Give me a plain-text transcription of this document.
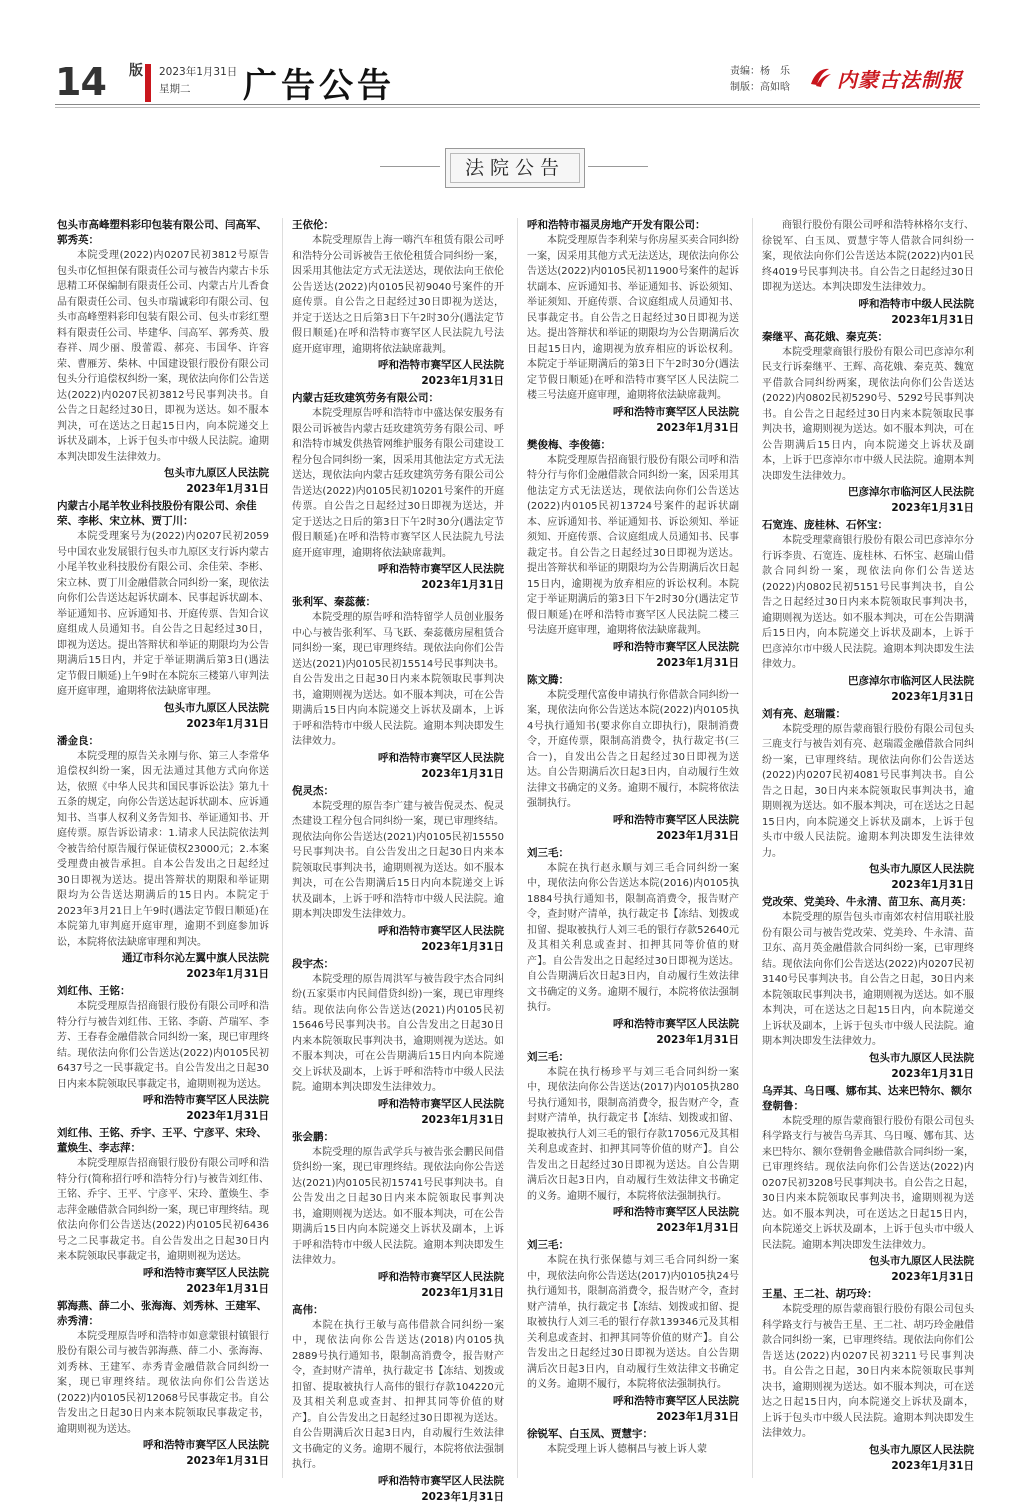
14 版 2023年1月31日
星期二	广告公告	责编：杨　乐
制版：高如晗 内蒙古法制报
法院公告
包头市高峰塑料彩印包装有限公司、闫高军、郭秀英：
本院受理(2022)内0207民初3812号原告包头市亿恒担保有限责任公司与被告内蒙古卡乐思精工环保编制有限责任公司、内蒙古片儿香食品有限责任公司、包头市瑞诚彩印有限公司、包头市高峰塑料彩印包装有限公司、包头市彩红塑料有限责任公司、毕建华、闫高军、郭秀英、殷春祥、周少丽、殷蕾霞、郝亮、韦国华、许容荣、曹雁芳、柴林、中国建设银行股份有限公司包头分行追偿权纠纷一案，现依法向你们公告送达(2022)内0207民初3812号民事判决书。自公告之日起经过30日，即视为送达。如不服本判决，可在送达之日起15日内，向本院递交上诉状及副本，上诉于包头市中级人民法院。逾期本判决即发生法律效力。
包头市九原区人民法院
2023年1月31日
内蒙古小尾羊牧业科技股份有限公司、余佳荣、李彬、宋立林、贾丁川：
本院受理案号为(2022)内0207民初2059号中国农业发展银行包头市九原区支行诉内蒙古小尾羊牧业科技股份有限公司、余佳荣、李彬、宋立林、贾丁川金融借款合同纠纷一案，现依法向你们公告送达起诉状副本、民事起诉状副本、举证通知书、应诉通知书、开庭传票、告知合议庭组成人员通知书。自公告之日起经过30日，即视为送达。提出答辩状和举证的期限均为公告期满后15日内，并定于举证期满后第3日(遇法定节假日顺延)上午9时在本院东三楼第八审判法庭开庭审理，逾期将依法缺席审理。
包头市九原区人民法院
2023年1月31日
潘金良：
本院受理的原告关永刚与你、第三人李常华追偿权纠纷一案，因无法通过其他方式向你送达，依照《中华人民共和国民事诉讼法》第九十五条的规定，向你公告送达起诉状副本、应诉通知书、当事人权利义务告知书、举证通知书、开庭传票。原告诉讼请求：1.请求人民法院依法判令被告给付原告履行保证债权23000元；2.本案受理费由被告承担。自本公告发出之日起经过30日即视为送达。提出答辩状的期限和举证期限均为公告送达期满后的15日内。本院定于2023年3月21日上午9时(遇法定节假日顺延)在本院第九审判庭开庭审理，逾期不到庭参加诉讼，本院将依法缺席审理和判决。
通辽市科尔沁左翼中旗人民法院
2023年1月31日
刘红伟、王铭：
本院受理原告招商银行股份有限公司呼和浩特分行与被告刘红伟、王铭、李蔚、芦瑞军、李芳、王春春金融借款合同纠纷一案，现已审理终结。现依法向你们公告送达(2022)内0105民初6437号之一民事裁定书。自公告发出之日起30日内来本院领取民事裁定书，逾期则视为送达。
呼和浩特市赛罕区人民法院
2023年1月31日
刘红伟、王铭、乔宇、王平、宁彦平、宋玲、董焕生、李志萍：
本院受理原告招商银行股份有限公司呼和浩特分行(简称招行呼和浩特分行)与被告刘红伟、王铭、乔宇、王平、宁彦平、宋玲、董焕生、李志萍金融借款合同纠纷一案，现已审理终结。现依法向你们公告送达(2022)内0105民初6436号之二民事裁定书。自公告发出之日起30日内来本院领取民事裁定书，逾期则视为送达。
呼和浩特市赛罕区人民法院
2023年1月31日
郭海燕、薛二小、张海海、刘秀林、王建军、赤秀清：
本院受理原告呼和浩特市如意蒙银村镇银行股份有限公司与被告郭海燕、薛二小、张海海、刘秀林、王建军、赤秀青金融借款合同纠纷一案，现已审理终结。现依法向你们公告送达(2022)内0105民初12068号民事裁定书。自公告发出之日起30日内来本院领取民事裁定书，逾期则视为送达。
呼和浩特市赛罕区人民法院
2023年1月31日
王依伦：
本院受理原告上海一嗨汽车租赁有限公司呼和浩特分公司诉被告王依伦租赁合同纠纷一案，因采用其他法定方式无法送达，现依法向王依伦公告送达(2022)内0105民初9040号案件的开庭传票。自公告之日起经过30日即视为送达，并定于送达之日后第3日下午2时30分(遇法定节假日顺延)在呼和浩特市赛罕区人民法院九号法庭开庭审理，逾期将依法缺席裁判。
呼和浩特市赛罕区人民法院
2023年1月31日
内蒙古廷玫建筑劳务有限公司：
本院受理原告呼和浩特市中盛达保安服务有限公司诉被告内蒙古廷玫建筑劳务有限公司、呼和浩特市城发供热管网维护服务有限公司建设工程分包合同纠纷一案，因采用其他法定方式无法送达，现依法向内蒙古廷玫建筑劳务有限公司公告送达(2022)内0105民初10201号案件的开庭传票。自公告之日起经过30日即视为送达，并定于送达之日后的第3日下午2时30分(遇法定节假日顺延)在呼和浩特市赛罕区人民法院九号法庭开庭审理，逾期将依法缺席裁判。
呼和浩特市赛罕区人民法院
2023年1月31日
张利军、秦蕊薇：
本院受理的原告呼和浩特留学人员创业服务中心与被告张利军、马飞跃、秦蕊薇房屋租赁合同纠纷一案，现已审理终结。现依法向你们公告送达(2021)内0105民初15514号民事判决书。自公告发出之日起30日内来本院领取民事判决书，逾期则视为送达。如不服本判决，可在公告期满后15日内向本院递交上诉状及副本，上诉于呼和浩特市中级人民法院。逾期本判决即发生法律效力。
呼和浩特市赛罕区人民法院
2023年1月31日
倪灵杰：
本院受理的原告李广建与被告倪灵杰、倪灵杰建设工程分包合同纠纷一案，现已审理终结。现依法向你公告送达(2021)内0105民初15550号民事判决书。自公告发出之日起30日内来本院领取民事判决书，逾期则视为送达。如不服本判决，可在公告期满后15日内向本院递交上诉状及副本，上诉于呼和浩特市中级人民法院。逾期本判决即发生法律效力。
呼和浩特市赛罕区人民法院
2023年1月31日
段宇杰：
本院受理的原告周洪军与被告段宇杰合同纠纷(五家渠市内民间借贷纠纷)一案，现已审理终结。现依法向你公告送达(2021)内0105民初15646号民事判决书。自公告发出之日起30日内来本院领取民事判决书，逾期则视为送达。如不服本判决，可在公告期满后15日内向本院递交上诉状及副本，上诉于呼和浩特市中级人民法院。逾期本判决即发生法律效力。
呼和浩特市赛罕区人民法院
2023年1月31日
张会鹏：
本院受理的原告武学兵与被告张会鹏民间借贷纠纷一案，现已审理终结。现依法向你公告送达(2021)内0105民初15741号民事判决书。自公告发出之日起30日内来本院领取民事判决书，逾期则视为送达。如不服本判决，可在公告期满后15日内向本院递交上诉状及副本，上诉于呼和浩特市中级人民法院。逾期本判决即发生法律效力。
呼和浩特市赛罕区人民法院
2023年1月31日
高伟：
本院在执行王敏与高伟借款合同纠纷一案中，现依法向你公告送达(2018)内0105执2889号执行通知书，限制高消费令，报告财产令，查封财产清单，执行裁定书【冻结、划拨或扣留、提取被执行人高伟的银行存款104220元及其相关利息或查封、扣押其同等价值的财产】。自公告发出之日起经过30日即视为送达。自公告期满后次日起3日内，自动履行生效法律文书确定的义务。逾期不履行，本院将依法强制执行。
呼和浩特市赛罕区人民法院
2023年1月31日
呼和浩特市福灵房地产开发有限公司：
本院受理原告李利荣与你房屋买卖合同纠纷一案，因采用其他方式无法送达，现依法向你公告送达(2022)内0105民初11900号案件的起诉状副本、应诉通知书、举证通知书、诉讼须知、举证须知、开庭传票、合议庭组成人员通知书、民事裁定书。自公告之日起经过30日即视为送达。提出答辩状和举证的期限均为公告期满后次日起15日内，逾期视为放弃相应的诉讼权利。本院定于举证期满后的第3日下午2时30分(遇法定节假日顺延)在呼和浩特市赛罕区人民法院二楼三号法庭开庭审理，逾期将依法缺席裁判。
呼和浩特市赛罕区人民法院
2023年1月31日
樊俊梅、李俊德：
本院受理原告招商银行股份有限公司呼和浩特分行与你们金融借款合同纠纷一案，因采用其他法定方式无法送达，现依法向你们公告送达(2022)内0105民初13724号案件的起诉状副本、应诉通知书、举证通知书、诉讼须知、举证须知、开庭传票、合议庭组成人员通知书、民事裁定书。自公告之日起经过30日即视为送达。提出答辩状和举证的期限均为公告期满后次日起15日内，逾期视为放弃相应的诉讼权利。本院定于举证期满后的第3日下午2时30分(遇法定节假日顺延)在呼和浩特市赛罕区人民法院二楼三号法庭开庭审理，逾期将依法缺席裁判。
呼和浩特市赛罕区人民法院
2023年1月31日
陈文腾：
本院受理代富俊申请执行你借款合同纠纷一案，现依法向你公告送达本院(2022)内0105执4号执行通知书(要求你自立即执行)，限制消费令，开庭传票，限制高消费令，执行裁定书(三合一)，自发出公告之日起经过30日即视为送达。自公告期满后次日起3日内，自动履行生效法律文书确定的义务。逾期不履行，本院将依法强制执行。
呼和浩特市赛罕区人民法院
2023年1月31日
刘三毛：
本院在执行赵永顺与刘三毛合同纠纷一案中，现依法向你公告送达本院(2016)内0105执1884号执行通知书，限制高消费令，报告财产令，查封财产清单，执行裁定书【冻结、划拨或扣留、提取被执行人刘三毛的银行存款52640元及其相关利息或查封、扣押其同等价值的财产】。自公告发出之日起经过30日即视为送达。自公告期满后次日起3日内，自动履行生效法律文书确定的义务。逾期不履行，本院将依法强制执行。
呼和浩特市赛罕区人民法院
2023年1月31日
刘三毛：
本院在执行杨珍平与刘三毛合同纠纷一案中，现依法向你公告送达(2017)内0105执280号执行通知书，限制高消费令，报告财产令，查封财产清单，执行裁定书【冻结、划拨或扣留、提取被执行人刘三毛的银行存款17056元及其相关利息或查封、扣押其同等价值的财产】。自公告发出之日起经过30日即视为送达。自公告期满后次日起3日内，自动履行生效法律文书确定的义务。逾期不履行，本院将依法强制执行。
呼和浩特市赛罕区人民法院
2023年1月31日
刘三毛：
本院在执行张保德与刘三毛合同纠纷一案中，现依法向你公告送达(2017)内0105执24号执行通知书，限制高消费令，报告财产令，查封财产清单，执行裁定书【冻结、划拨或扣留、提取被执行人刘三毛的银行存款139346元及其相关利息或查封、扣押其同等价值的财产】。自公告发出之日起经过30日即视为送达。自公告期满后次日起3日内，自动履行生效法律文书确定的义务。逾期不履行，本院将依法强制执行。
呼和浩特市赛罕区人民法院
2023年1月31日
徐锐军、白玉凤、贾慧宇：
本院受理上诉人德桐昌与被上诉人蒙
商银行股份有限公司呼和浩特林格尔支行、徐锐军、白玉凤、贾慧宇等人借款合同纠纷一案，现依法向你们公告送达本院(2022)内01民终4019号民事判决书。自公告之日起经过30日即视为送达。本判决即发生法律效力。
呼和浩特市中级人民法院
2023年1月31日
秦继平、高花娥、秦克英：
本院受理蒙商银行股份有限公司巴彦淖尔利民支行诉秦继平、王辉、高花娥、秦克英、魏宽平借款合同纠纷两案，现依法向你们公告送达(2022)内0802民初5290号、5292号民事判决书。自公告之日起经过30日内来本院领取民事判决书，逾期则视为送达。如不服本判决，可在公告期满后15日内，向本院递交上诉状及副本，上诉于巴彦淖尔市中级人民法院。逾期本判决即发生法律效力。
巴彦淖尔市临河区人民法院
2023年1月31日
石宽连、庞桂林、石怀宝：
本院受理蒙商银行股份有限公司巴彦淖尔分行诉李贵、石宽连、庞桂林、石怀宝、赵瑞山借款合同纠纷一案，现依法向你们公告送达(2022)内0802民初5151号民事判决书，自公告之日起经过30日内来本院领取民事判决书，逾期则视为送达。如不服本判决，可在公告期满后15日内，向本院递交上诉状及副本，上诉于巴彦淖尔市中级人民法院。逾期本判决即发生法律效力。
巴彦淖尔市临河区人民法院
2023年1月31日
刘有亮、赵瑞霞：
本院受理的原告蒙商银行股份有限公司包头三鹿支行与被告刘有亮、赵瑞霞金融借款合同纠纷一案，已审理终结。现依法向你们公告送达(2022)内0207民初4081号民事判决书。自公告之日起，30日内来本院领取民事判决书，逾期则视为送达。如不服本判决，可在送达之日起15日内，向本院递交上诉状及副本，上诉于包头市中级人民法院。逾期本判决即发生法律效力。
包头市九原区人民法院
2023年1月31日
党改荣、党美玲、牛永清、苗卫东、高月英：
本院受理的原告包头市南郊农村信用联社股份有限公司与被告党改荣、党美玲、牛永清、苗卫东、高月英金融借款合同纠纷一案，已审理终结。现依法向你们公告送达(2022)内0207民初3140号民事判决书。自公告之日起，30日内来本院领取民事判决书，逾期则视为送达。如不服本判决，可在送达之日起15日内，向本院递交上诉状及副本，上诉于包头市中级人民法院。逾期本判决即发生法律效力。
包头市九原区人民法院
2023年1月31日
乌弄其、乌日嘎、娜布其、达来巴特尔、额尔登朝鲁：
本院受理的原告蒙商银行股份有限公司包头科学路支行与被告乌弄其、乌日嘎、娜布其、达来巴特尔、额尔登朝鲁金融借款合同纠纷一案，已审理终结。现依法向你们公告送达(2022)内0207民初3208号民事判决书。自公告之日起，30日内来本院领取民事判决书，逾期则视为送达。如不服本判决，可在送达之日起15日内，向本院递交上诉状及副本，上诉于包头市中级人民法院。逾期本判决即发生法律效力。
包头市九原区人民法院
2023年1月31日
王星、王二社、胡巧玲：
本院受理的原告蒙商银行股份有限公司包头科学路支行与被告王星、王二社、胡巧玲金融借款合同纠纷一案，已审理终结。现依法向你们公告送达(2022)内0207民初3211号民事判决书。自公告之日起，30日内来本院领取民事判决书，逾期则视为送达。如不服本判决，可在送达之日起15日内，向本院递交上诉状及副本，上诉于包头市中级人民法院。逾期本判决即发生法律效力。
包头市九原区人民法院
2023年1月31日
